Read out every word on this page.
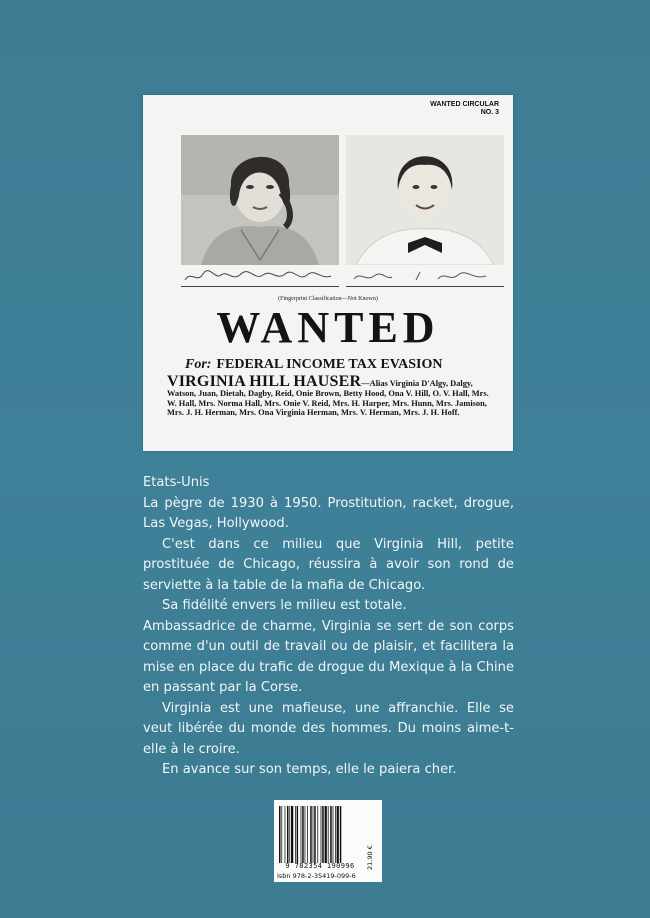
WANTED CIRCULAR
NO. 3
(Fingerprint Classification—Not Known)
WANTED
For: FEDERAL INCOME TAX EVASION
VIRGINIA HILL HAUSER—Alias Virginia D'Algy, Dalgy, Watson, Juan, Dietah, Dagby, Reid, Onie Brown, Betty Hood, Ona V. Hill, O. V. Hall, Mrs. W. Hall, Mrs. Norma Hall, Mrs. Onie V. Reid, Mrs. H. Harper, Mrs. Hunn, Mrs. Jamison, Mrs. J. H. Herman, Mrs. Ona Virginia Herman, Mrs. V. Herman, Mrs. J. H. Hoff.

Etats-Unis

La pègre de 1930 à 1950. Prostitution, racket, drogue, Las Vegas, Hollywood.

C'est dans ce milieu que Virginia Hill, petite prostituée de Chicago, réussira à avoir son rond de serviette à la table de la mafia de Chicago.

Sa fidélité envers le milieu est totale.

Ambassadrice de charme, Virginia se sert de son corps comme d'un outil de travail ou de plaisir, et facilitera la mise en place du trafic de drogue du Mexique à la Chine en passant par la Corse.

Virginia est une mafieuse, une affranchie. Elle se veut libérée du monde des hommes. Du moins aime-t-elle à le croire.

En avance sur son temps, elle le paiera cher.

9 782354 190996
Isbn 978-2-35419-099-6
21,90 €
